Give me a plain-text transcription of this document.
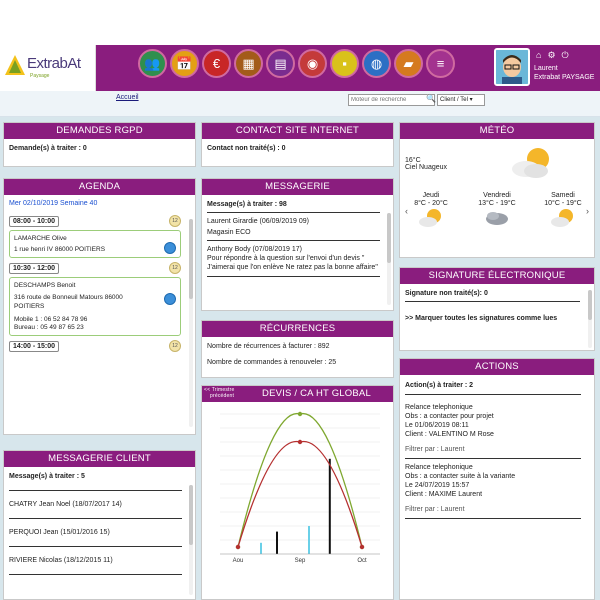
ExtrabAt
Paysage
👥 📅 € ▦ ▤ ◉ ▪ ◍ ▰ ≡
⌂ ⚙ ⏻
Laurent
Extrabat PAYSAGE
Accueil
Moteur de recherche	🔍 Client / Tel ▾
DEMANDES RGPD
Demande(s) à traiter : 0
CONTACT SITE INTERNET
Contact non traité(s) : 0
MÉTÉO
16°C
Ciel Nuageux
‹
Jeudi
8°C - 20°C
Vendredi
13°C - 19°C
Samedi
10°C - 19°C
›
AGENDA
Mer 02/10/2019 Semaine 40
08:00 - 10:00	12
LAMARCHE Olive
1 rue henri IV 86000 POITIERS
10:30 - 12:00	12
DESCHAMPS Benoit
316 route de Bonneuil Matours 86000 POITIERS
Mobile 1 : 06 52 84 78 96
Bureau : 05 49 87 65 23
14:00 - 15:00	12
MESSAGERIE
Message(s) à traiter : 98
Laurent Girardie (06/09/2019 09)
Magasin ECO
Anthony Body (07/08/2019 17)
Pour répondre à la question sur l'envoi d'un devis " J'aimerai que l'on enlève Ne ratez pas la bonne affaire"
SIGNATURE ÉLECTRONIQUE
Signature non traité(s): 0
>> Marquer toutes les signatures comme lues
RÉCURRENCES
Nombre de récurrences à facturer : 892
Nombre de commandes à renouveler : 25	ACTIONS
Action(s) à traiter : 2
Relance telephonique
Obs : a contacter pour projet
Le 01/06/2019 08:11
Client : VALENTINO M Rose
Filtrer par : Laurent
Relance telephonique
Obs : a contacter suite à la variante
Le 24/07/2019 15:57
Client : MAXIME Laurent
Filtrer par : Laurent
DEVIS / CA HT GLOBAL
<< Trimestre
précédent
Aou	Sep	Oct
MESSAGERIE CLIENT
Message(s) à traiter : 5
CHATRY Jean Noel (18/07/2017 14)
PERQUOI Jean (15/01/2016 15)
RIVIERE Nicolas (18/12/2015 11)
